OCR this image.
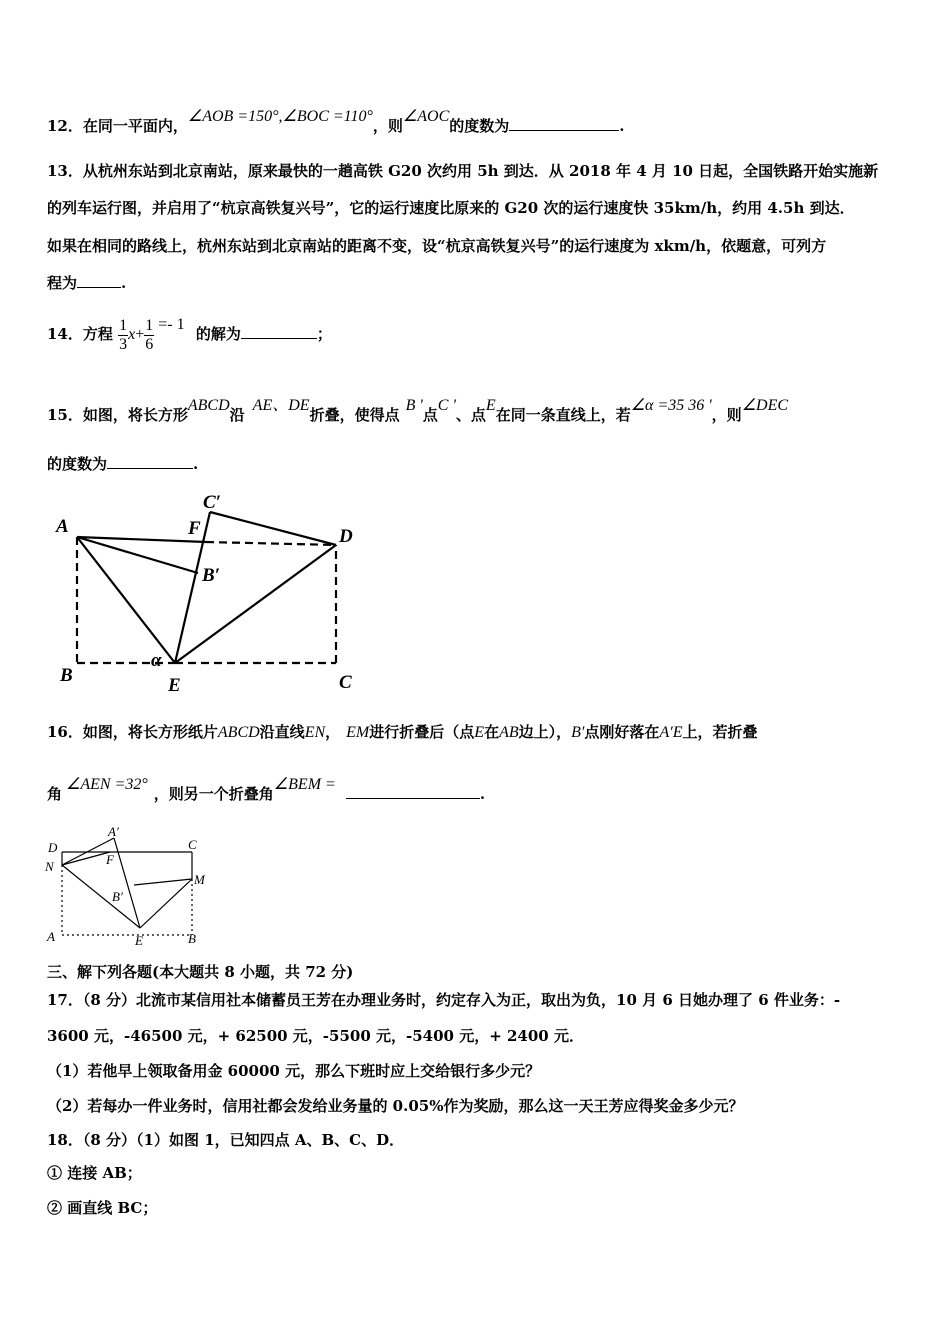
12．在同一平面内，∠AOB =150°,∠BOC =110°，则∠AOC的度数为	.
13．从杭州东站到北京南站，原来最快的一趟高铁 G20 次约用 5h 到达．从 2018 年 4 月 10 日起，全国铁路开始实施新
的列车运行图，并启用了“杭京高铁复兴号”，它的运行速度比原来的 G20 次的运行速度快 35km/h，约用 4.5h 到达．
如果在相同的路线上，杭州东站到北京南站的距离不变，设“杭京高铁复兴号”的运行速度为 xkm/h，依题意，可列方
程为	.
14．方程 $\frac{1}{3} x+ \frac{1}{6} =- 1$ 的解为	；
15．如图，将长方形ABCD沿AE、DE折叠，使得点B '点C '、点E在同一条直线上，若∠α =35 36 '，则∠DEC
的度数为	.
A	F
C′
D
B′
B
α
E	C
16．如图，将长方形纸片ABCD沿直线EN， EM进行折叠后（点E在AB边上），B′点刚好落在A′E上，若折叠
角∠AEN =32°，则另一个折叠角∠BEM =.
D
A′
C
N	F
M
B′
A	E	B
三、解下列各题(本大题共 8 小题，共 72 分)
17．（8 分）北流市某信用社本储蓄员王芳在办理业务时，约定存入为正，取出为负，10 月 6 日她办理了 6 件业务：-
3600 元，-46500 元，+ 62500 元，-5500 元，-5400 元，+ 2400 元．
（1）若他早上领取备用金 60000 元，那么下班时应上交给银行多少元？
（2）若每办一件业务时，信用社都会发给业务量的 0.05%作为奖励，那么这一天王芳应得奖金多少元？
18．（8 分）（1）如图 1，已知四点 A、B、C、D．
① 连接 AB；
② 画直线 BC；
